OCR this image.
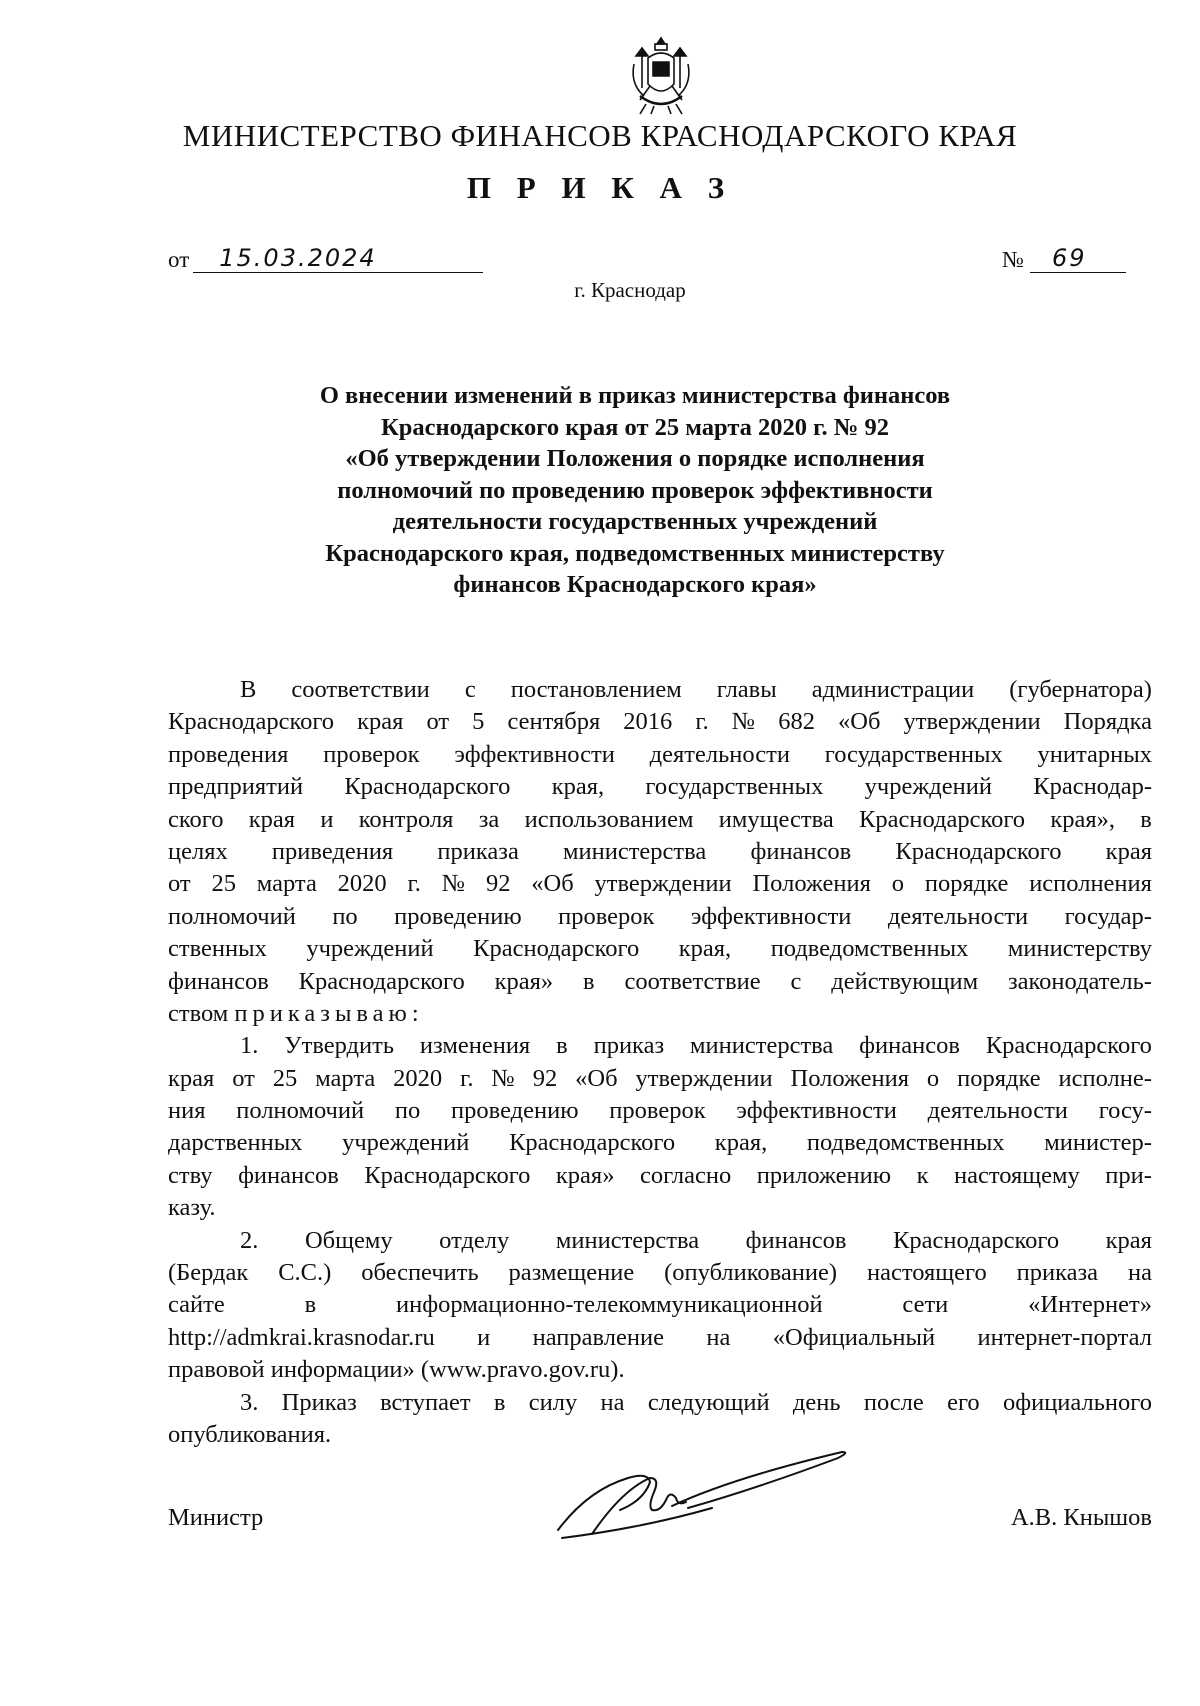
МИНИСТЕРСТВО ФИНАНСОВ КРАСНОДАРСКОГО КРАЯ
П Р И К А З
от 15.03.2024	№ 69
г. Краснодар
О внесении изменений в приказ министерства финансов
Краснодарского края от 25 марта 2020 г. № 92
«Об утверждении Положения о порядке исполнения
полномочий по проведению проверок эффективности
деятельности государственных учреждений
Краснодарского края, подведомственных министерству
финансов Краснодарского края»
В соответствии с постановлением главы администрации (губернатора)
Краснодарского края от 5 сентября 2016 г. № 682 «Об утверждении Порядка
проведения проверок эффективности деятельности государственных унитарных
предприятий Краснодарского края, государственных учреждений Краснодар-
ского края и контроля за использованием имущества Краснодарского края», в
целях приведения приказа министерства финансов Краснодарского края
от 25 марта 2020 г. № 92 «Об утверждении Положения о порядке исполнения
полномочий по проведению проверок эффективности деятельности государ-
ственных учреждений Краснодарского края, подведомственных министерству
финансов Краснодарского края» в соответствие с действующим законодатель-
ством
приказываю:
1. Утвердить изменения в приказ министерства финансов Краснодарского
края от 25 марта 2020 г. № 92 «Об утверждении Положения о порядке исполне-
ния полномочий по проведению проверок эффективности деятельности госу-
дарственных учреждений Краснодарского края, подведомственных министер-
ству финансов Краснодарского края» согласно приложению к настоящему при-
казу.
2. Общему отделу министерства финансов Краснодарского края
(Бердак С.С.) обеспечить размещение (опубликование) настоящего приказа на
сайте	в	информационно-телекоммуникационной	сети	«Интернет»
http://admkrai.krasnodar.ru и направление на «Официальный интернет-портал
правовой информации» (www.pravo.gov.ru).
3. Приказ вступает в силу на следующий день после его официального
опубликования.
Министр	А.В. Кнышов
